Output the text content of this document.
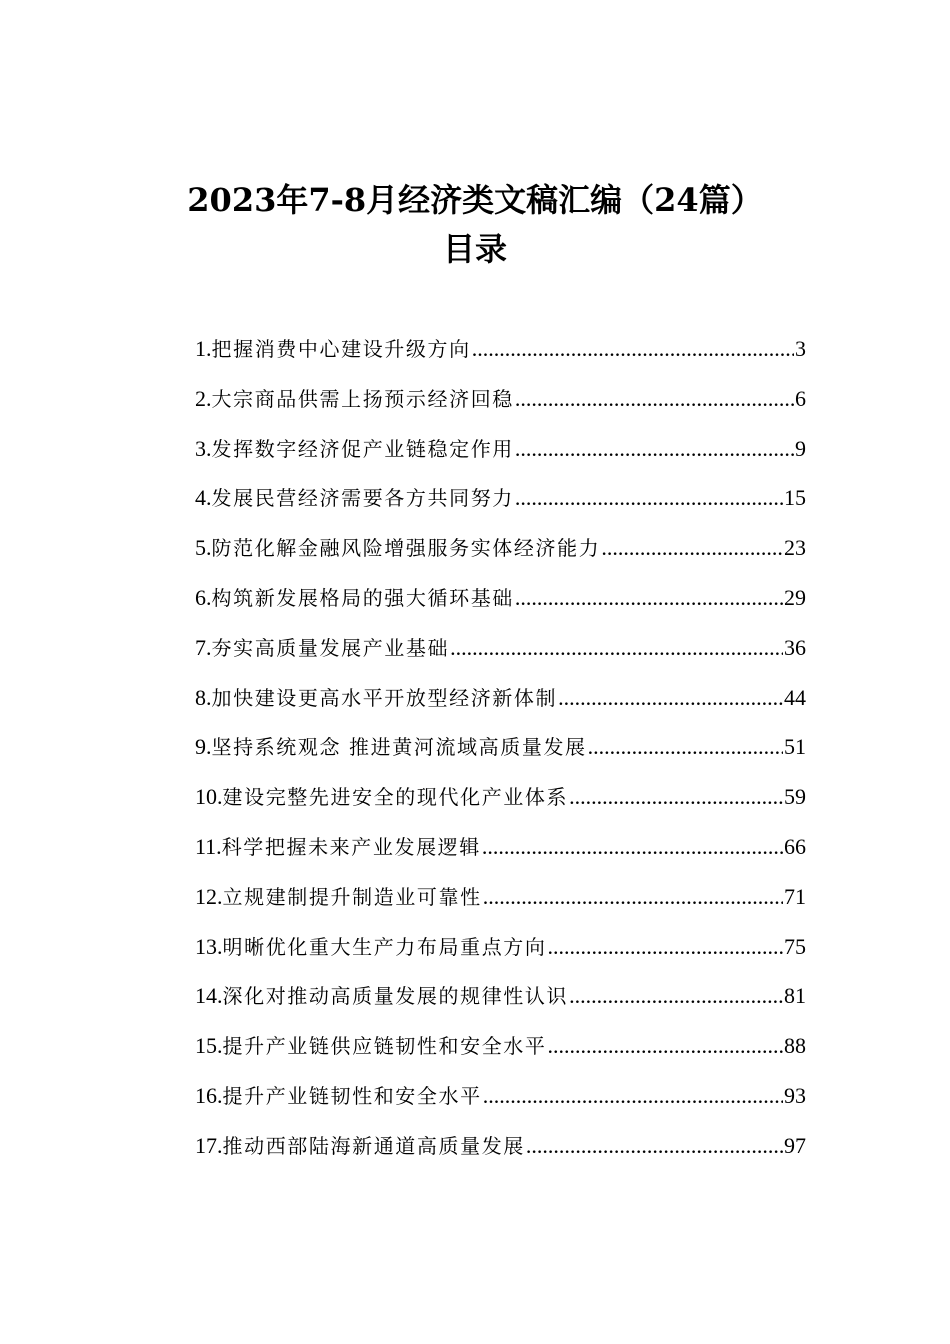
2023年7-8月经济类文稿汇编（24篇）
目录
1. 把握消费中心建设升级方向 .....	3
2. 大宗商品供需上扬预示经济回稳 .....	6
3. 发挥数字经济促产业链稳定作用 .....	9
4. 发展民营经济需要各方共同努力 .....	15
5. 防范化解金融风险增强服务实体经济能力 .....	23
6. 构筑新发展格局的强大循环基础 .....	29
7. 夯实高质量发展产业基础 .....	36
8. 加快建设更高水平开放型经济新体制 .....	44
9. 坚持系统观念 推进黄河流域高质量发展 .....	51
10. 建设完整先进安全的现代化产业体系 .....	59
11. 科学把握未来产业发展逻辑 .....	66
12. 立规建制提升制造业可靠性 .....	71
13. 明晰优化重大生产力布局重点方向 .....	75
14. 深化对推动高质量发展的规律性认识 .....	81
15. 提升产业链供应链韧性和安全水平 .....	88
16. 提升产业链韧性和安全水平 .....	93
17. 推动西部陆海新通道高质量发展 .....	97
